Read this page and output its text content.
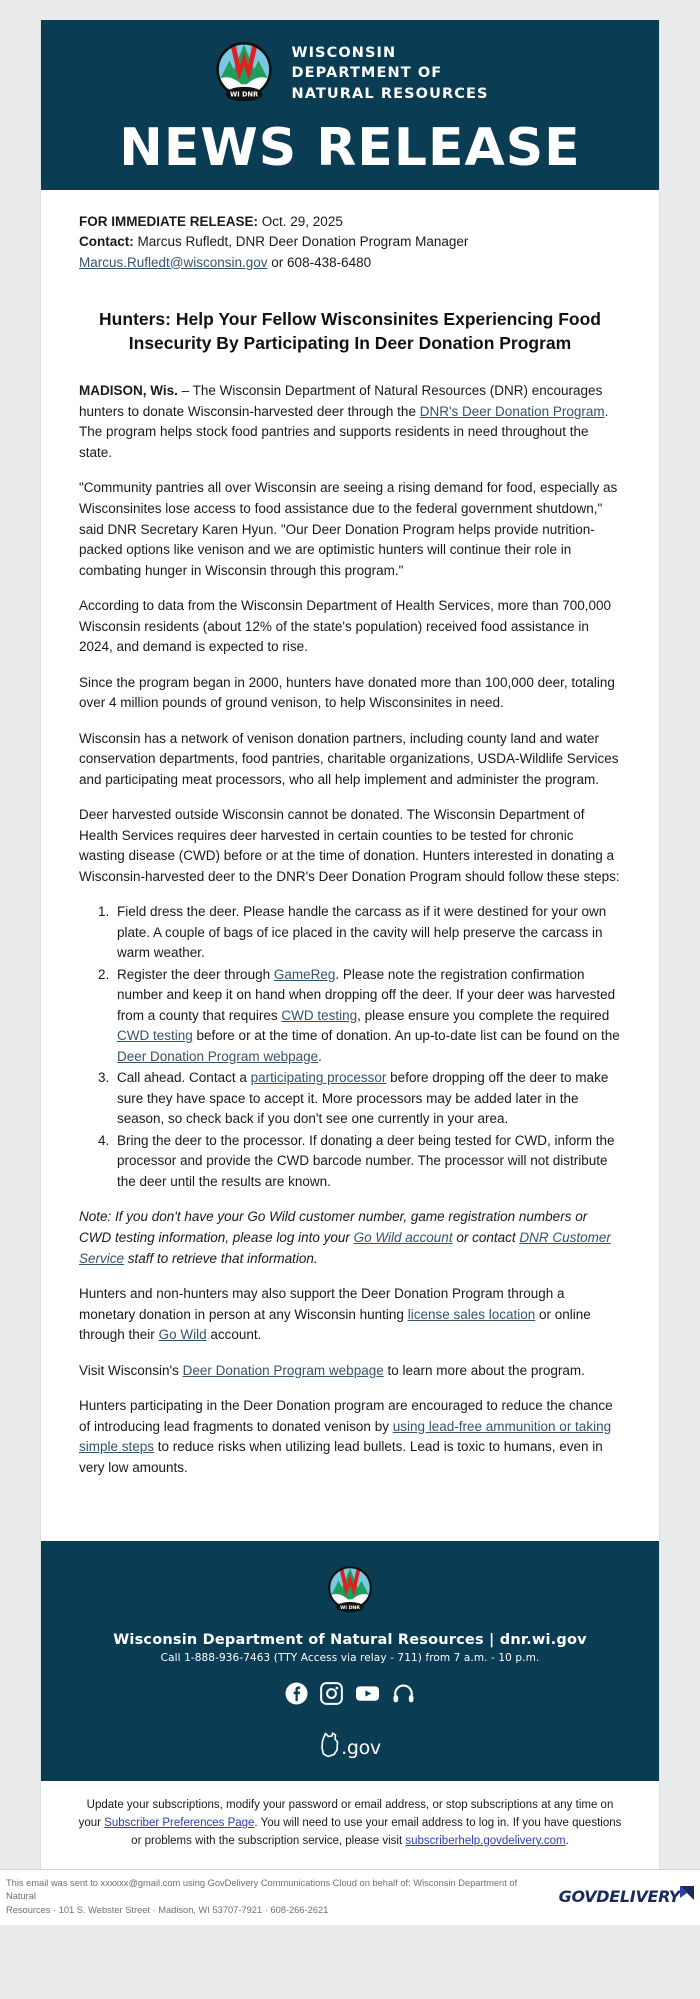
WI DNR
WISCONSIN
DEPARTMENT OF
NATURAL RESOURCES
NEWS RELEASE
FOR IMMEDIATE RELEASE: Oct. 29, 2025
Contact: Marcus Rufledt, DNR Deer Donation Program Manager
Marcus.Rufledt@wisconsin.gov or 608-438-6480
Hunters: Help Your Fellow Wisconsinites Experiencing Food Insecurity By Participating In Deer Donation Program

MADISON, Wis. – The Wisconsin Department of Natural Resources (DNR) encourages hunters to donate Wisconsin-harvested deer through the DNR's Deer Donation Program. The program helps stock food pantries and supports residents in need throughout the state.

"Community pantries all over Wisconsin are seeing a rising demand for food, especially as Wisconsinites lose access to food assistance due to the federal government shutdown," said DNR Secretary Karen Hyun. "Our Deer Donation Program helps provide nutrition-packed options like venison and we are optimistic hunters will continue their role in combating hunger in Wisconsin through this program."

According to data from the Wisconsin Department of Health Services, more than 700,000 Wisconsin residents (about 12% of the state's population) received food assistance in 2024, and demand is expected to rise.

Since the program began in 2000, hunters have donated more than 100,000 deer, totaling over 4 million pounds of ground venison, to help Wisconsinites in need.

Wisconsin has a network of venison donation partners, including county land and water conservation departments, food pantries, charitable organizations, USDA-Wildlife Services and participating meat processors, who all help implement and administer the program.

Deer harvested outside Wisconsin cannot be donated. The Wisconsin Department of Health Services requires deer harvested in certain counties to be tested for chronic wasting disease (CWD) before or at the time of donation. Hunters interested in donating a Wisconsin-harvested deer to the DNR's Deer Donation Program should follow these steps:

1. Field dress the deer. Please handle the carcass as if it were destined for your own plate. A couple of bags of ice placed in the cavity will help preserve the carcass in warm weather.
2. Register the deer through GameReg. Please note the registration confirmation number and keep it on hand when dropping off the deer. If your deer was harvested from a county that requires CWD testing, please ensure you complete the required CWD testing before or at the time of donation. An up-to-date list can be found on the Deer Donation Program webpage.
3. Call ahead. Contact a participating processor before dropping off the deer to make sure they have space to accept it. More processors may be added later in the season, so check back if you don't see one currently in your area.
4. Bring the deer to the processor. If donating a deer being tested for CWD, inform the processor and provide the CWD barcode number. The processor will not distribute the deer until the results are known.

Note: If you don't have your Go Wild customer number, game registration numbers or CWD testing information, please log into your Go Wild account or contact DNR Customer Service staff to retrieve that information.

Hunters and non-hunters may also support the Deer Donation Program through a monetary donation in person at any Wisconsin hunting license sales location or online through their Go Wild account.

Visit Wisconsin's Deer Donation Program webpage to learn more about the program.

Hunters participating in the Deer Donation program are encouraged to reduce the chance of introducing lead fragments to donated venison by using lead-free ammunition or taking simple steps to reduce risks when utilizing lead bullets. Lead is toxic to humans, even in very low amounts.

WI DNR
Wisconsin Department of Natural Resources | dnr.wi.gov
Call 1-888-936-7463 (TTY Access via relay - 711) from 7 a.m. - 10 p.m.
.gov
Update your subscriptions, modify your password or email address, or stop subscriptions at any time on your Subscriber Preferences Page. You will need to use your email address to log in. If you have questions or problems with the subscription service, please visit subscriberhelp.govdelivery.com.
This email was sent to xxxxxx@gmail.com using GovDelivery Communications Cloud on behalf of: Wisconsin Department of Natural
Resources · 101 S. Webster Street · Madison, WI 53707-7921 · 608-266-2621
GOVDELIVERY
